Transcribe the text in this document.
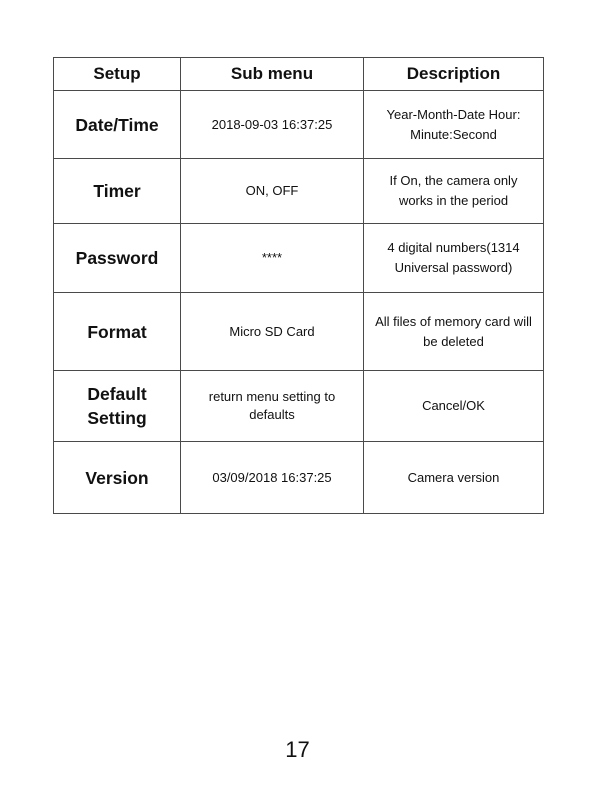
Setup	Sub menu	Description

Date/Time	2018-09-03 16:37:25	Year-Month-Date Hour: Minute:Second

Timer	ON, OFF	If On, the camera only works in the period

Password	****	4 digital numbers(1314 Universal password)

Format	Micro SD Card	All files of memory card will be deleted

Default Setting	return menu setting to defaults	Cancel/OK

Version	03/09/2018 16:37:25	Camera version
17
